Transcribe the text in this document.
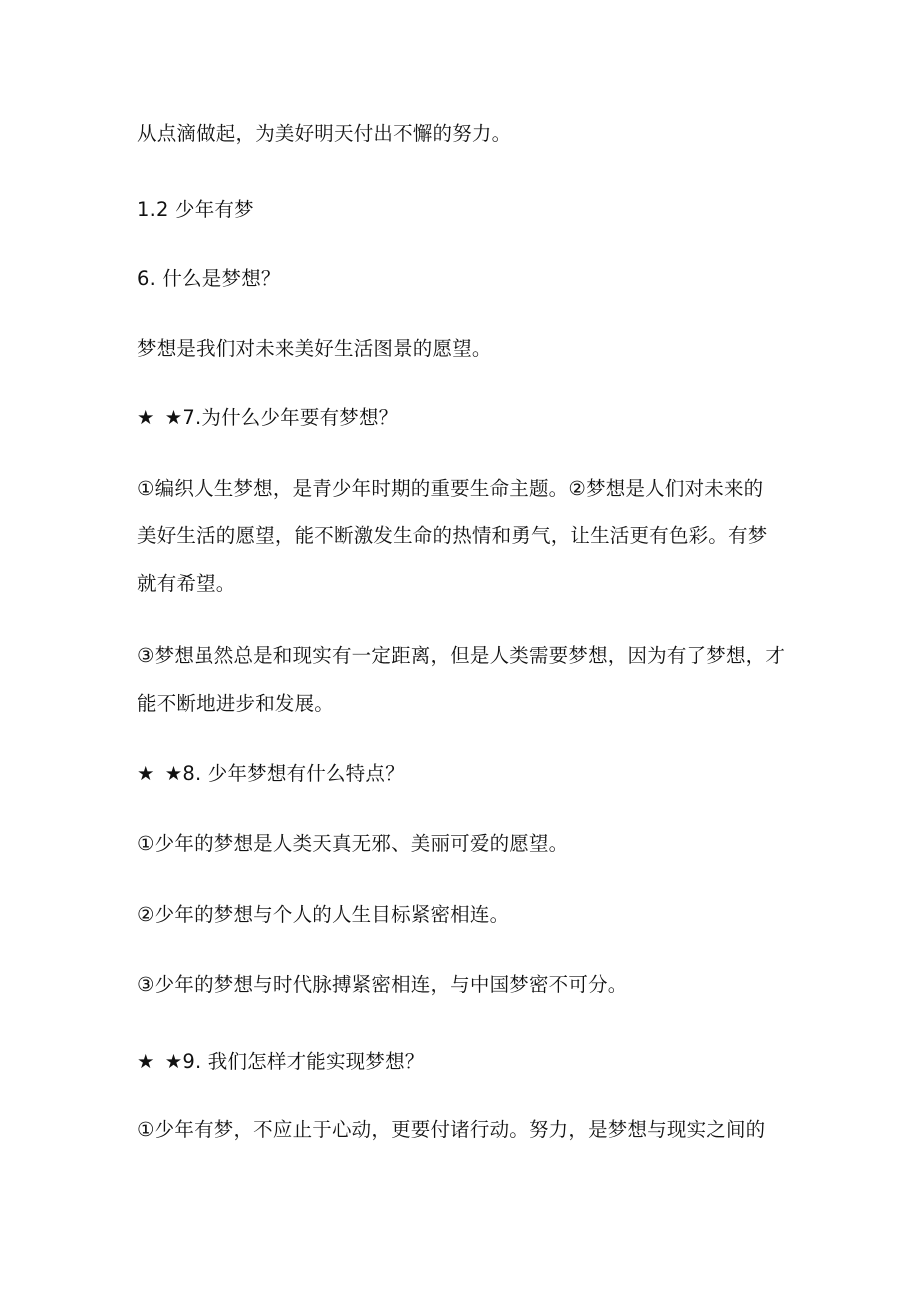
从点滴做起，为美好明天付出不懈的努力。
1.2 少年有梦
6. 什么是梦想？
梦想是我们对未来美好生活图景的愿望。
★ ★7.为什么少年要有梦想？
①编织人生梦想，是青少年时期的重要生命主题。②梦想是人们对未来的
美好生活的愿望，能不断激发生命的热情和勇气，让生活更有色彩。有梦
就有希望。
③梦想虽然总是和现实有一定距离，但是人类需要梦想，因为有了梦想，才
能不断地进步和发展。
★ ★8. 少年梦想有什么特点？
①少年的梦想是人类天真无邪、美丽可爱的愿望。
②少年的梦想与个人的人生目标紧密相连。
③少年的梦想与时代脉搏紧密相连，与中国梦密不可分。
★ ★9. 我们怎样才能实现梦想？
①少年有梦，不应止于心动，更要付诸行动。努力，是梦想与现实之间的
